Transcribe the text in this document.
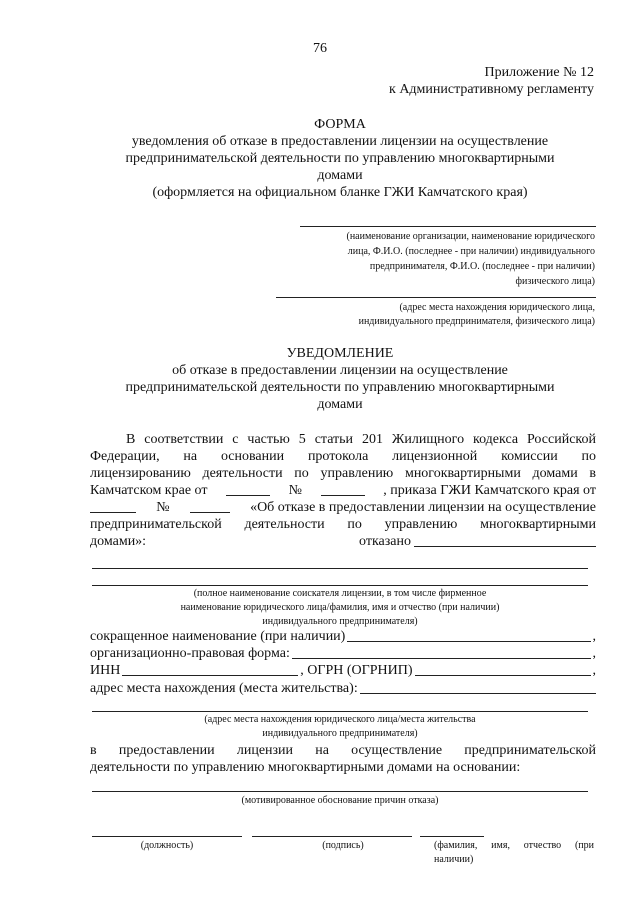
76
Приложение № 12
к Административному регламенту
ФОРМА
уведомления об отказе в предоставлении лицензии на осуществление
предпринимательской деятельности по управлению многоквартирными
домами
(оформляется на официальном бланке ГЖИ Камчатского края)
(наименование организации, наименование юридического
лица, Ф.И.О. (последнее - при наличии) индивидуального
предпринимателя, Ф.И.О. (последнее - при наличии)
физического лица)
(адрес места нахождения юридического лица,
индивидуального предпринимателя, физического лица)
УВЕДОМЛЕНИЕ
об отказе в предоставлении лицензии на осуществление
предпринимательской деятельности по управлению многоквартирными
домами
В соответствии с частью 5 статьи 201 Жилищного кодекса Российской
Федерации, на основании протокола лицензионной комиссии по
лицензированию деятельности по управлению многоквартирными домами в
Камчатском крае от	№	, приказа ГЖИ Камчатского края от
№	«Об отказе в предоставлении лицензии на осуществление
предпринимательской деятельности по управлению многоквартирными
домами»:	отказано
(полное наименование соискателя лицензии, в том числе фирменное
наименование юридического лица/фамилия, имя и отчество (при наличии)
индивидуального предпринимателя)
сокращенное наименование (при наличии)	,
организационно-правовая форма:	,
ИНН	, ОГРН (ОГРНИП)	,
адрес места нахождения (места жительства):
(адрес места нахождения юридического лица/места жительства
индивидуального предпринимателя)
в предоставлении лицензии на осуществление предпринимательской
деятельности по управлению многоквартирными домами на основании:
(мотивированное обоснование причин отказа)
(должность)	(подпись)	(фамилия, имя, отчество (при
наличии)
